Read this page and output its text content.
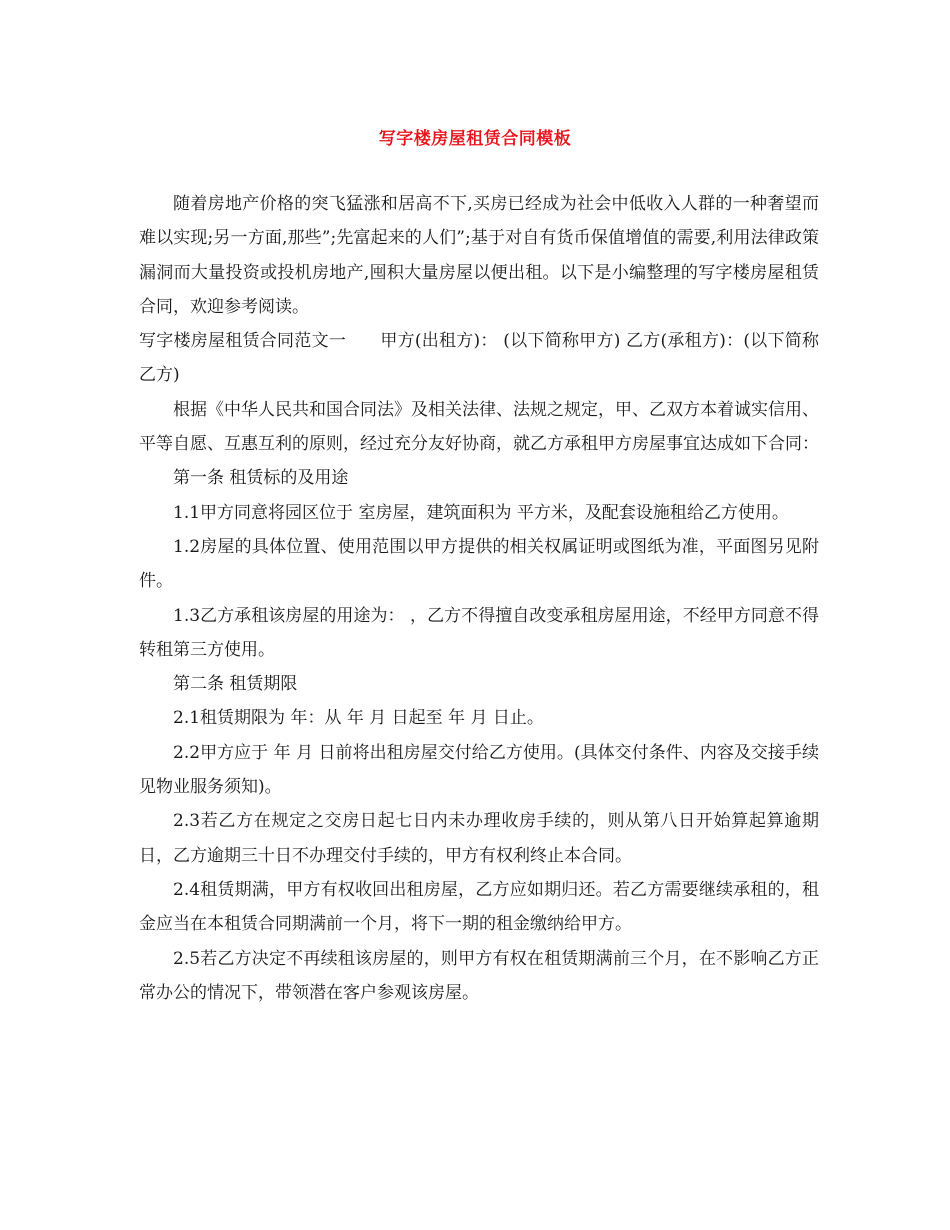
写字楼房屋租赁合同模板

随着房地产价格的突飞猛涨和居高不下,买房已经成为社会中低收入人群的一种奢望而难以实现;另一方面,那些”;先富起来的人们”;基于对自有货币保值增值的需要,利用法律政策漏洞而大量投资或投机房地产,囤积大量房屋以便出租。以下是小编整理的写字楼房屋租赁合同，欢迎参考阅读。

写字楼房屋租赁合同范文一 甲方(出租方)： (以下简称甲方) 乙方(承租方)：(以下简称乙方)

根据《中华人民共和国合同法》及相关法律、法规之规定，甲、乙双方本着诚实信用、平等自愿、互惠互利的原则，经过充分友好协商，就乙方承租甲方房屋事宜达成如下合同：

第一条 租赁标的及用途

1.1甲方同意将园区位于 室房屋，建筑面积为 平方米，及配套设施租给乙方使用。

1.2房屋的具体位置、使用范围以甲方提供的相关权属证明或图纸为准，平面图另见附件。

1.3乙方承租该房屋的用途为： ，乙方不得擅自改变承租房屋用途，不经甲方同意不得转租第三方使用。

第二条 租赁期限

2.1租赁期限为 年：从 年 月 日起至 年 月 日止。

2.2甲方应于 年 月 日前将出租房屋交付给乙方使用。(具体交付条件、内容及交接手续见物业服务须知)。

2.3若乙方在规定之交房日起七日内未办理收房手续的，则从第八日开始算起算逾期日，乙方逾期三十日不办理交付手续的，甲方有权利终止本合同。

2.4租赁期满，甲方有权收回出租房屋，乙方应如期归还。若乙方需要继续承租的，租金应当在本租赁合同期满前一个月，将下一期的租金缴纳给甲方。

2.5若乙方决定不再续租该房屋的，则甲方有权在租赁期满前三个月，在不影响乙方正常办公的情况下，带领潜在客户参观该房屋。
